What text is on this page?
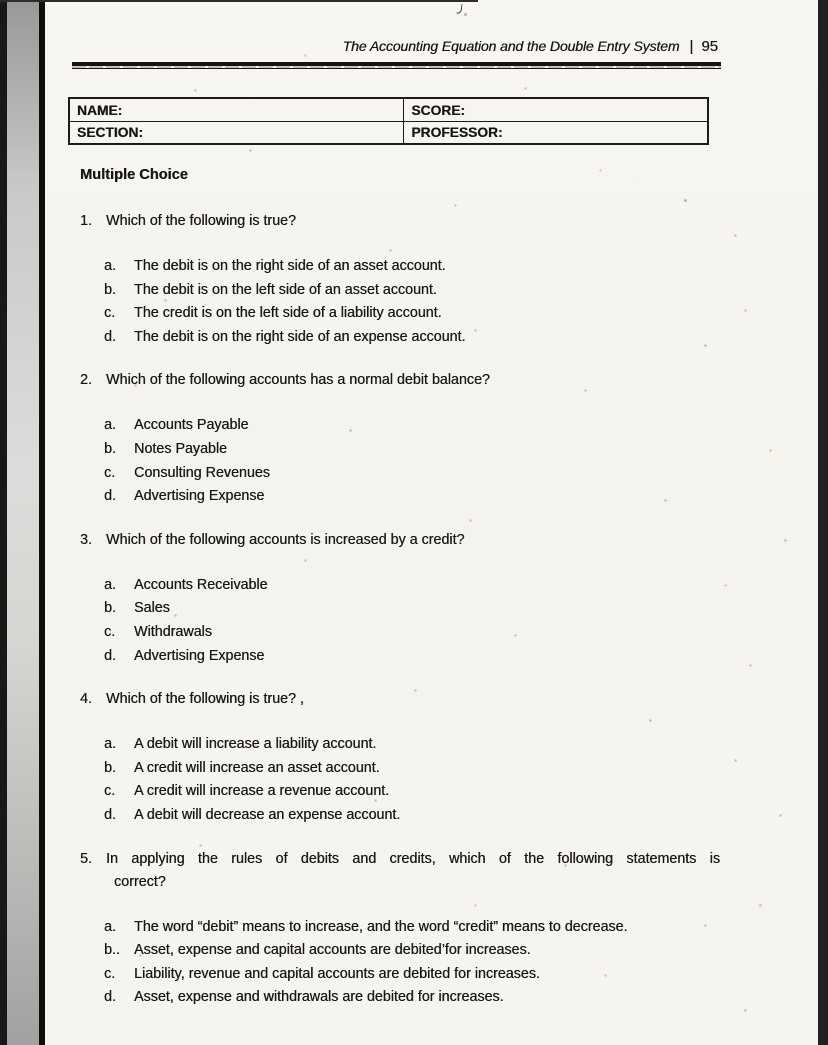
The Accounting Equation and the Double Entry System | 95
NAME:	SCORE:
SECTION:	PROFESSOR:
Multiple Choice
1. Which of the following is true?
a.	The debit is on the right side of an asset account.
b.	The debit is on the left side of an asset account.
c.	The credit is on the left side of a liability account.
d.	The debit is on the right side of an expense account.
2. Which of the following accounts has a normal debit balance?
a.	Accounts Payable
b.	Notes Payable
c.	Consulting Revenues
d.	Advertising Expense
3. Which of the following accounts is increased by a credit?
a.	Accounts Receivable
b.	Sales
c.	Withdrawals
d.	Advertising Expense
4. Which of the following is true? ,
a.	A debit will increase a liability account.
b.	A credit will increase an asset account.
c.	A credit will increase a revenue account.
d.	A debit will decrease an expense account.
5. In applying the rules of debits and credits, which of the following statements is
correct?
a.	The word “debit” means to increase, and the word “credit” means to decrease.
b.. Asset, expense and capital accounts are debited’for increases.
c.	Liability, revenue and capital accounts are debited for increases.
d.	Asset, expense and withdrawals are debited for increases.
